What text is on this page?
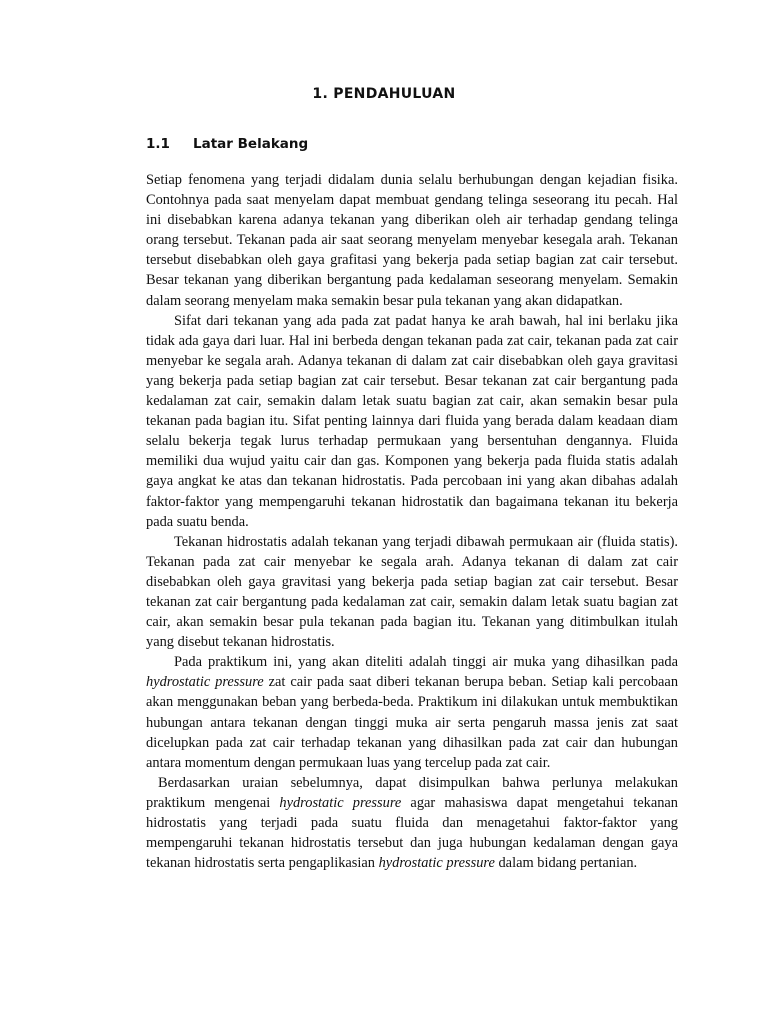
1. PENDAHULUAN
1.1	Latar Belakang

Setiap fenomena yang terjadi didalam dunia selalu berhubungan dengan kejadian fisika. Contohnya pada saat menyelam dapat membuat gendang telinga seseorang itu pecah. Hal ini disebabkan karena adanya tekanan yang diberikan oleh air terhadap gendang telinga orang tersebut. Tekanan pada air saat seorang menyelam menyebar kesegala arah. Tekanan tersebut disebabkan oleh gaya grafitasi yang bekerja pada setiap bagian zat cair tersebut. Besar tekanan yang diberikan bergantung pada kedalaman seseorang menyelam. Semakin dalam seorang menyelam maka semakin besar pula tekanan yang akan didapatkan.

Sifat dari tekanan yang ada pada zat padat hanya ke arah bawah, hal ini berlaku jika tidak ada gaya dari luar. Hal ini berbeda dengan tekanan pada zat cair, tekanan pada zat cair menyebar ke segala arah. Adanya tekanan di dalam zat cair disebabkan oleh gaya gravitasi yang bekerja pada setiap bagian zat cair tersebut. Besar tekanan zat cair bergantung pada kedalaman zat cair, semakin dalam letak suatu bagian zat cair, akan semakin besar pula tekanan pada bagian itu. Sifat penting lainnya dari fluida yang berada dalam keadaan diam selalu bekerja tegak lurus terhadap permukaan yang bersentuhan dengannya. Fluida memiliki dua wujud yaitu cair dan gas. Komponen yang bekerja pada fluida statis adalah gaya angkat ke atas dan tekanan hidrostatis. Pada percobaan ini yang akan dibahas adalah faktor-faktor yang mempengaruhi tekanan hidrostatik dan bagaimana tekanan itu bekerja pada suatu benda.

Tekanan hidrostatis adalah tekanan yang terjadi dibawah permukaan air (fluida statis). Tekanan pada zat cair menyebar ke segala arah. Adanya tekanan di dalam zat cair disebabkan oleh gaya gravitasi yang bekerja pada setiap bagian zat cair tersebut. Besar tekanan zat cair bergantung pada kedalaman zat cair, semakin dalam letak suatu bagian zat cair, akan semakin besar pula tekanan pada bagian itu. Tekanan yang ditimbulkan itulah yang disebut tekanan hidrostatis.

Pada praktikum ini, yang akan diteliti adalah tinggi air muka yang dihasilkan pada hydrostatic pressure zat cair pada saat diberi tekanan berupa beban. Setiap kali percobaan akan menggunakan beban yang berbeda-beda. Praktikum ini dilakukan untuk membuktikan hubungan antara tekanan dengan tinggi muka air serta pengaruh massa jenis zat saat dicelupkan pada zat cair terhadap tekanan yang dihasilkan pada zat cair dan hubungan antara momentum dengan permukaan luas yang tercelup pada zat cair.

Berdasarkan uraian sebelumnya, dapat disimpulkan bahwa perlunya melakukan praktikum mengenai hydrostatic pressure agar mahasiswa dapat mengetahui tekanan hidrostatis yang terjadi pada suatu fluida dan menagetahui faktor-faktor yang mempengaruhi tekanan hidrostatis tersebut dan juga hubungan kedalaman dengan gaya tekanan hidrostatis serta pengaplikasian hydrostatic pressure dalam bidang pertanian.
